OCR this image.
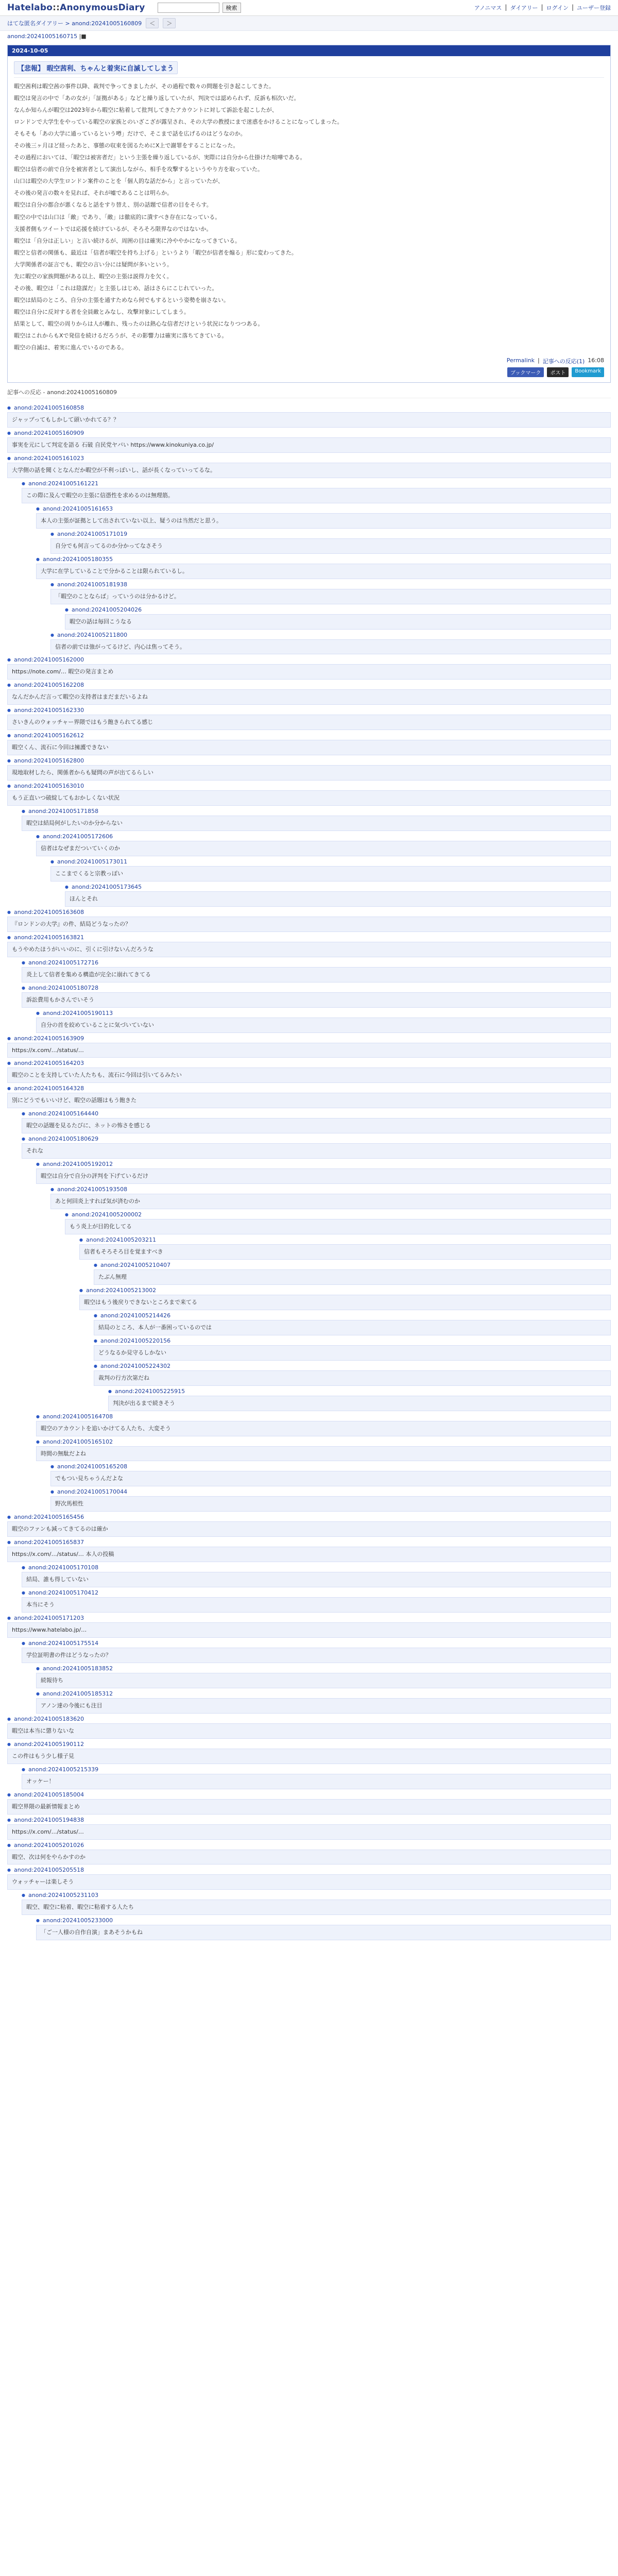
Hatelabo::AnonymousDiary	検索	アノニマス | ダイアリー | ログイン | ユーザー登録
はてな匿名ダイアリー > anond:20241005160809	＜	＞
anond:20241005160715 |■
2024-10-05
【悲報】 暇空茜利、ちゃんと着実に自滅してしまう

暇空茜利は暇空茜の事件以降、裁判で争ってきましたが、その過程で数々の問題を引き起こしてきた。

暇空は発言の中で「あの女が」「証拠がある」などと繰り返していたが、判決では認められず、反訴も相次いだ。

なんか知らんが暇空は2023年から暇空に粘着して批判してきたアカウントに対して訴訟を起こしたが、

ロンドンで大学生をやっている暇空の家族とのいざこざが露呈され、その大学の教授にまで迷惑をかけることになってしまった。

そもそも「あの大学に通っているという噂」だけで、そこまで話を広げるのはどうなのか。

その後三ヶ月ほど経ったあと、事態の収束を図るためにX上で謝罪をすることになった。

その過程においては、「暇空は被害者だ」という主張を繰り返しているが、実際には自分から仕掛けた喧嘩である。

暇空は信者の前で自分を被害者として演出しながら、相手を攻撃するというやり方を取っていた。

山口は暇空の大学生ロンドン案件のことを「個人的な話だから」と言っていたが、

その後の発言の数々を見れば、それが嘘であることは明らか。

暇空は自分の都合が悪くなると話をすり替え、別の話題で信者の目をそらす。

暇空の中では山口は「敵」であり、「敵」は徹底的に潰すべき存在になっている。

支援者側もツイートでは応援を続けているが、そろそろ限界なのではないか。

暇空は「自分は正しい」と言い続けるが、周囲の目は確実に冷ややかになってきている。

暇空と信者の関係も、最近は「信者が暇空を持ち上げる」というより「暇空が信者を煽る」形に変わってきた。

大学関係者の証言でも、暇空の言い分には疑問が多いという。

先に暇空の家族問題がある以上、暇空の主張は説得力を欠く。

その後、暇空は「これは陰謀だ」と主張しはじめ、話はさらにこじれていった。

暇空は結局のところ、自分の主張を通すためなら何でもするという姿勢を崩さない。

暇空は自分に反対する者を全員敵とみなし、攻撃対象にしてしまう。

結果として、暇空の周りからは人が離れ、残ったのは熱心な信者だけという状況になりつつある。

暇空はこれからもXで発信を続けるだろうが、その影響力は確実に落ちてきている。

暇空の自滅は、着実に進んでいるのである。

Permalink | 記事への反応(1) 16:08
ブックマーク	ポスト	Bookmark
記事への反応 - anond:20241005160809
● anond:20241005160858
ジャップってもしかして頭いかれてる？？
● anond:20241005160909
事実を元にして判定を語る 石破 自民党ヤバい https://www.kinokuniya.co.jp/
● anond:20241005161023
大学側の話を聞くとなんだか暇空が不利っぽいし、話が長くなっていってるな。
● anond:20241005161221
この際に及んで暇空の主張に信憑性を求めるのは無理筋。
● anond:20241005161653
本人の主張が証拠として出されていない以上、疑うのは当然だと思う。
● anond:20241005171019
自分でも何言ってるのか分かってなさそう
● anond:20241005180355
大学に在学していることで分かることは限られているし。
● anond:20241005181938
「暇空のことならば」っていうのは分かるけど。
● anond:20241005204026
暇空の話は毎回こうなる
● anond:20241005211800
信者の前では強がってるけど、内心は焦ってそう。
● anond:20241005162000
https://note.com/… 暇空の発言まとめ
● anond:20241005162208
なんだかんだ言って暇空の支持者はまだまだいるよね
● anond:20241005162330
さいきんのウォッチャー界隈ではもう飽きられてる感じ
● anond:20241005162612
暇空くん、流石に今回は擁護できない
● anond:20241005162800
現地取材したら、関係者からも疑問の声が出てるらしい
● anond:20241005163010
もう正直いつ破綻してもおかしくない状況
● anond:20241005171858
暇空は結局何がしたいのか分からない
● anond:20241005172606
信者はなぜまだついていくのか
● anond:20241005173011
ここまでくると宗教っぽい
● anond:20241005173645
ほんとそれ
● anond:20241005163608
『ロンドンの大学』の件、結局どうなったの？
● anond:20241005163821
もうやめたほうがいいのに、引くに引けないんだろうな
● anond:20241005172716
炎上して信者を集める構造が完全に崩れてきてる
● anond:20241005180728
訴訟費用もかさんでいそう
● anond:20241005190113
自分の首を絞めていることに気づいていない
● anond:20241005163909
https://x.com/…/status/…
● anond:20241005164203
暇空のことを支持していた人たちも、流石に今回は引いてるみたい
● anond:20241005164328
別にどうでもいいけど、暇空の話題はもう飽きた
● anond:20241005164440
暇空の話題を見るたびに、ネットの怖さを感じる
● anond:20241005180629
それな
● anond:20241005192012
暇空は自分で自分の評判を下げているだけ
● anond:20241005193508
あと何回炎上すれば気が済むのか
● anond:20241005200002
もう炎上が目的化してる
● anond:20241005203211
信者もそろそろ目を覚ますべき
● anond:20241005210407
たぶん無理
● anond:20241005213002
暇空はもう後戻りできないところまで来てる
● anond:20241005214426
結局のところ、本人が一番困っているのでは
● anond:20241005220156
どうなるか見守るしかない
● anond:20241005224302
裁判の行方次第だね
● anond:20241005225915
判決が出るまで続きそう
● anond:20241005164708
暇空のアカウントを追いかけてる人たち、大変そう
● anond:20241005165102
時間の無駄だよね
● anond:20241005165208
でもつい見ちゃうんだよな
● anond:20241005170044
野次馬根性
● anond:20241005165456
暇空のファンも減ってきてるのは確か
● anond:20241005165837
https://x.com/…/status/… 本人の投稿
● anond:20241005170108
結局、誰も得していない
● anond:20241005170412
本当にそう
● anond:20241005171203
https://www.hatelabo.jp/…
● anond:20241005175514
学位証明書の件はどうなったの？
● anond:20241005183852
続報待ち
● anond:20241005185312
アノン達の今後にも注目
● anond:20241005183620
暇空は本当に懲りないな
● anond:20241005190112
この件はもう少し様子見
● anond:20241005215339
オッケー！
● anond:20241005185004
暇空界隈の最新情報まとめ
● anond:20241005194838
https://x.com/…/status/…
● anond:20241005201026
暇空、次は何をやらかすのか
● anond:20241005205518
ウォッチャーは楽しそう
● anond:20241005231103
暇空、暇空に粘着、暇空に粘着する人たち
● anond:20241005233000
「ご一人様の自作自演」まあそうかもね
